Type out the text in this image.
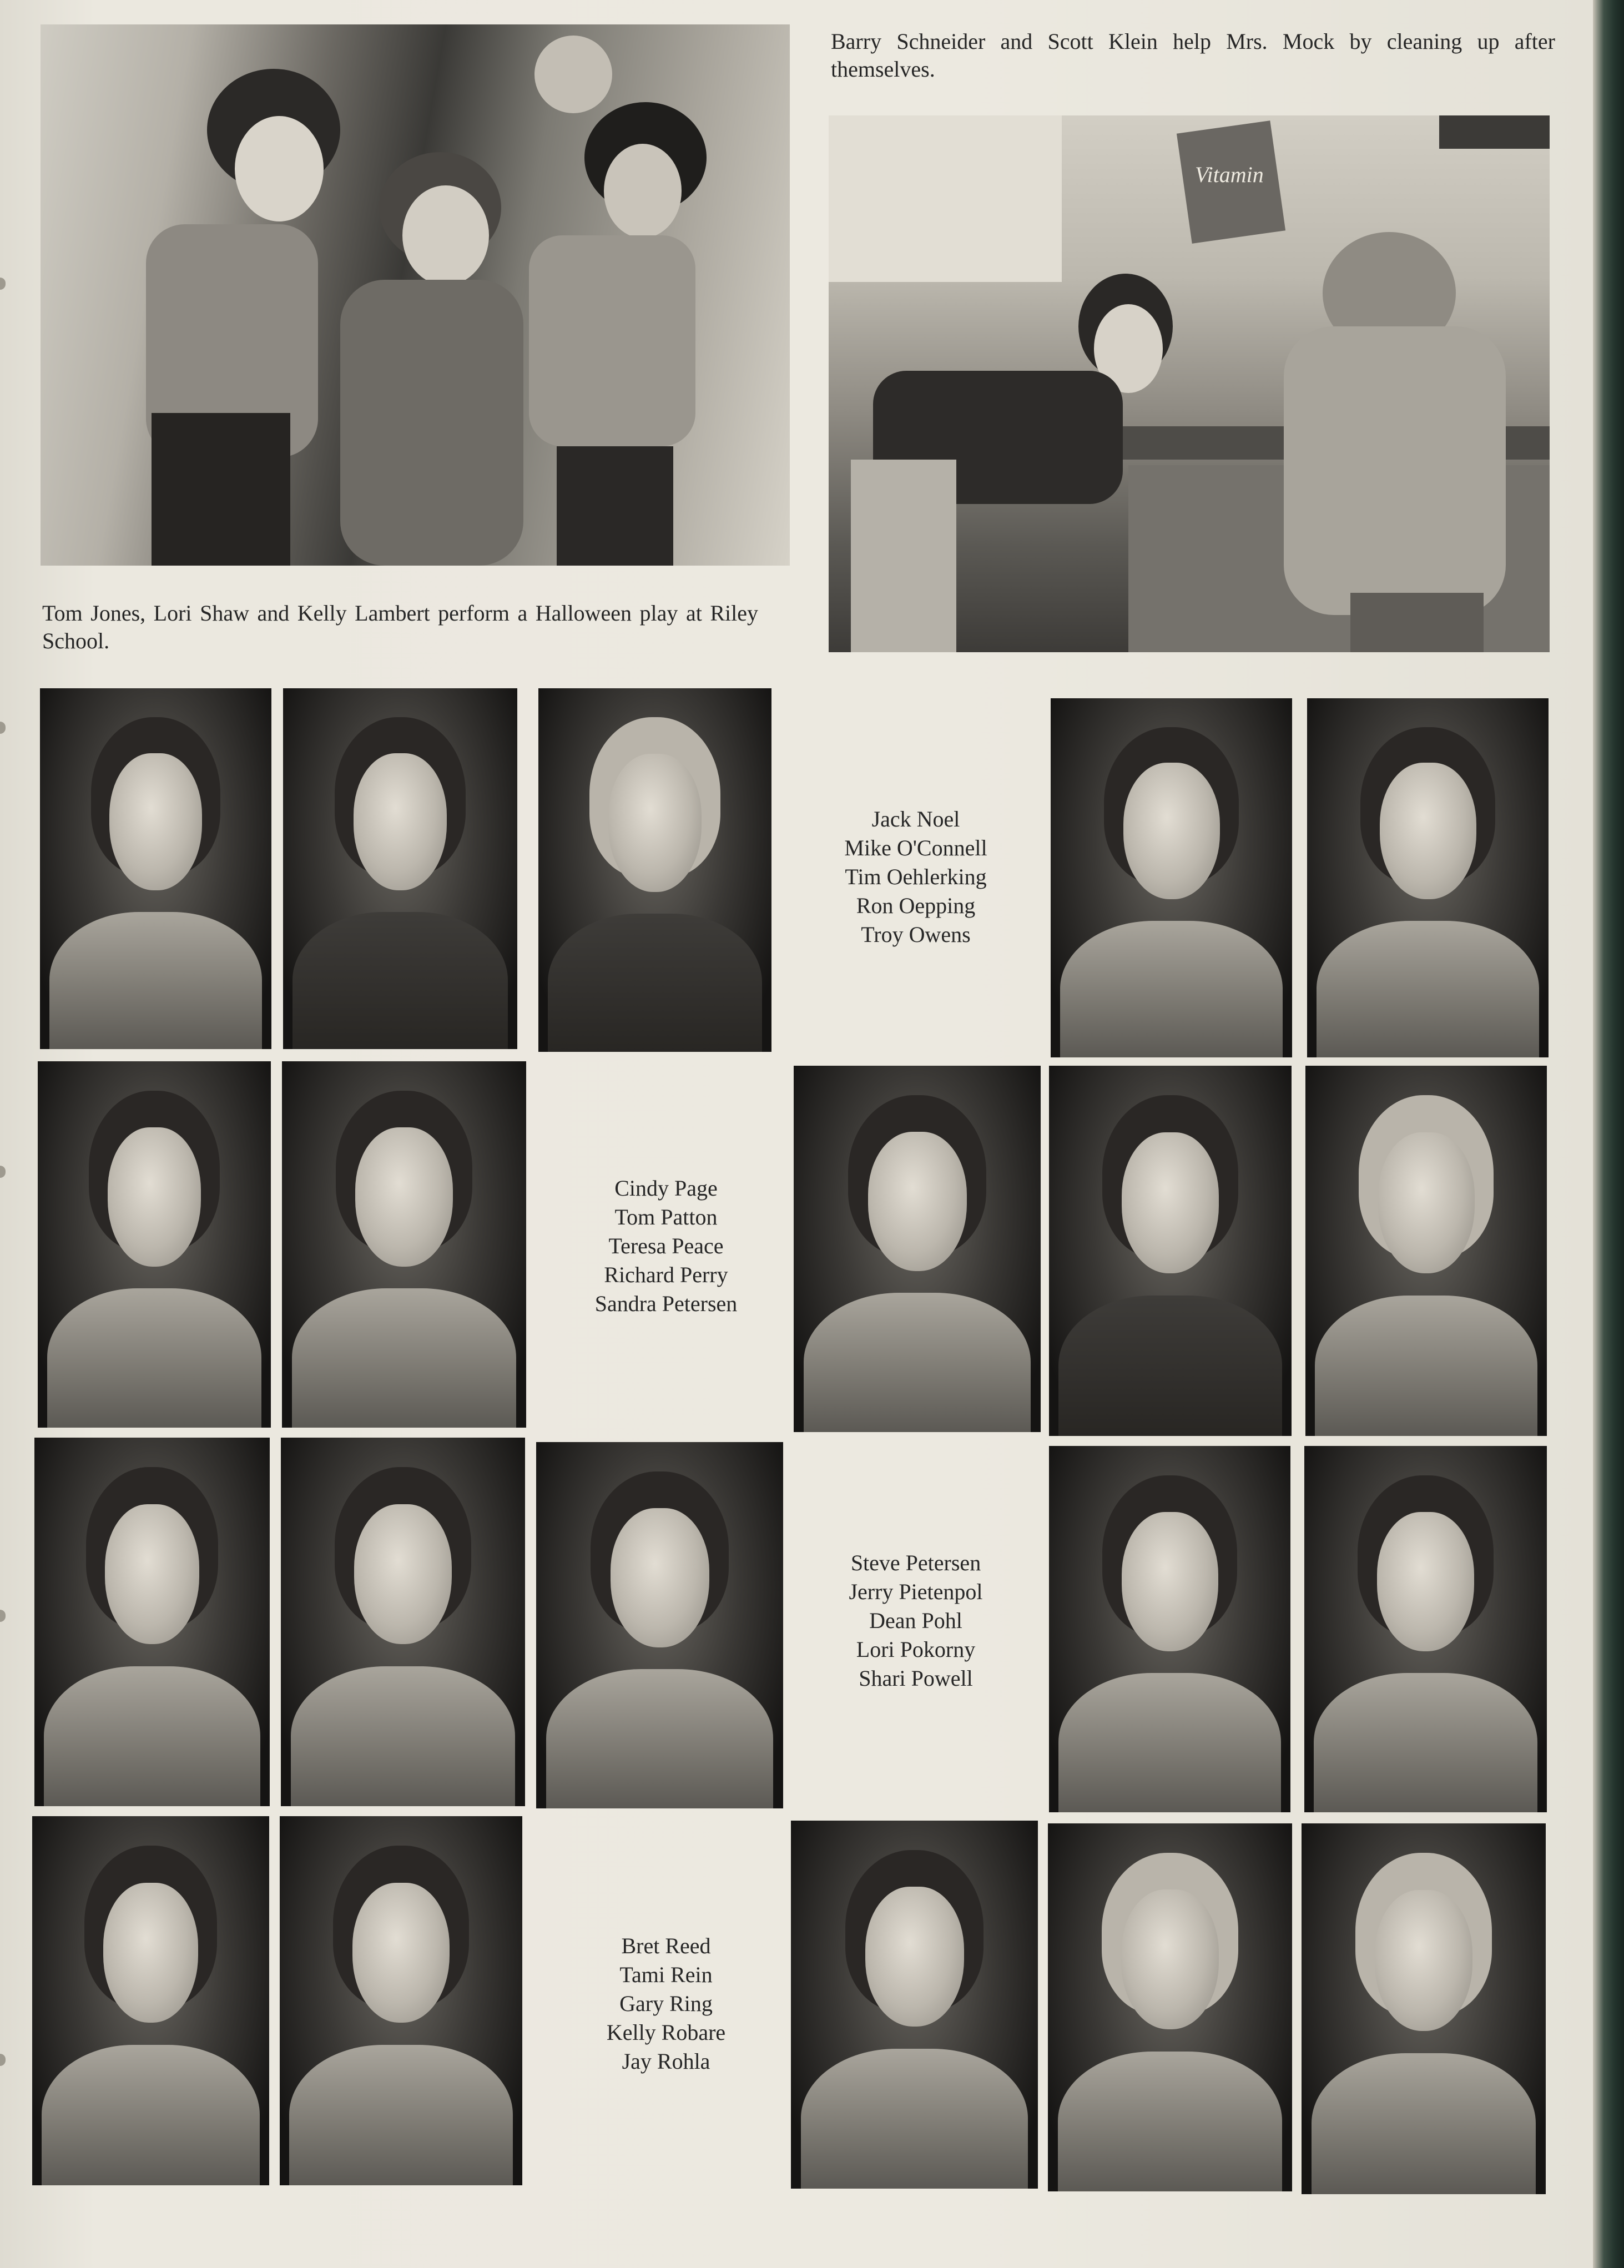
Barry Schneider and Scott Klein help Mrs. Mock by cleaning up after themselves.
Vitamin
Tom Jones, Lori Shaw and Kelly Lambert perform a Halloween play at Riley School.
Jack Noel
Mike O'Connell
Tim Oehlerking
Ron Oepping
Troy Owens
Cindy Page
Tom Patton
Teresa Peace
Richard Perry
Sandra Petersen
Steve Petersen
Jerry Pietenpol
Dean Pohl
Lori Pokorny
Shari Powell
Bret Reed
Tami Rein
Gary Ring
Kelly Robare
Jay Rohla
